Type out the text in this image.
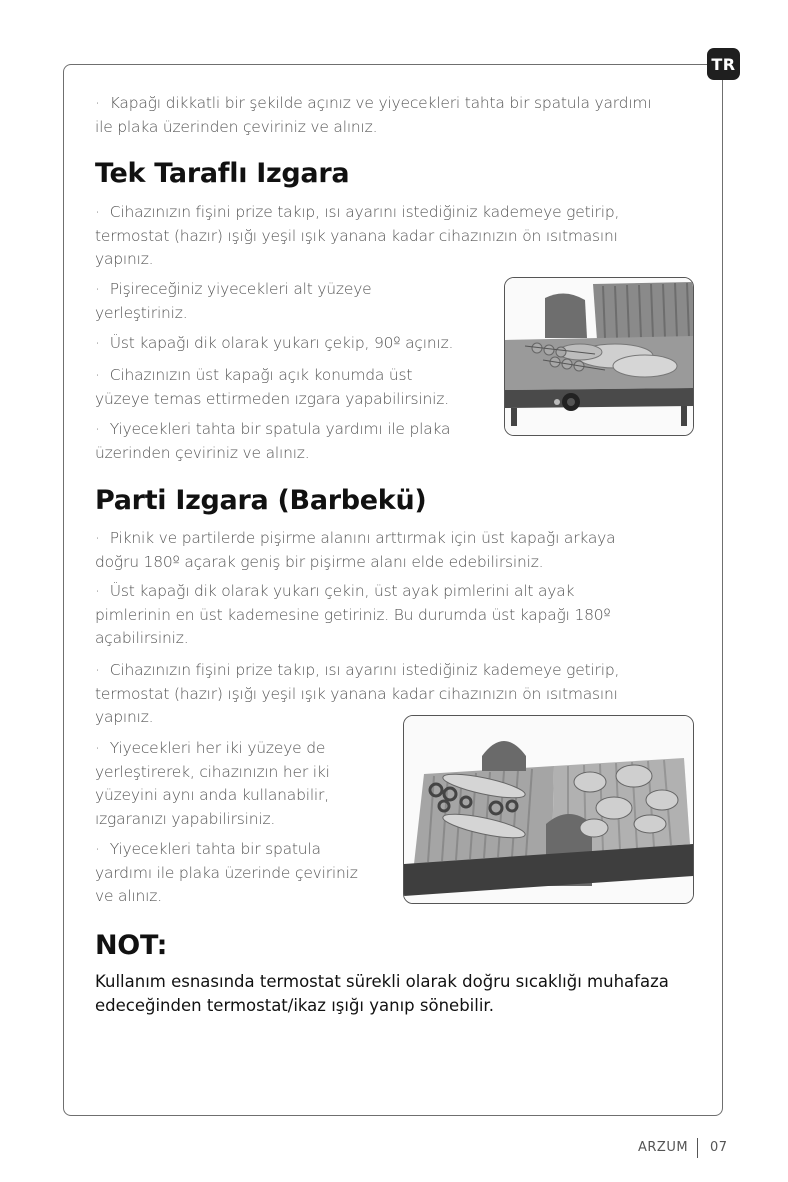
TR
· Kapağı dikkatli bir şekilde açınız ve yiyecekleri tahta bir spatula yardımı
ile plaka üzerinden çeviriniz ve alınız.
Tek Taraflı Izgara
· Cihazınızın fişini prize takıp, ısı ayarını istediğiniz kademeye getirip,
termostat (hazır) ışığı yeşil ışık yanana kadar cihazınızın ön ısıtmasını
yapınız.
· Pişireceğiniz yiyecekleri alt yüzeye
yerleştiriniz.
· Üst kapağı dik olarak yukarı çekip, 90º açınız.
· Cihazınızın üst kapağı açık konumda üst
yüzeye temas ettirmeden ızgara yapabilirsiniz.
· Yiyecekleri tahta bir spatula yardımı ile plaka
üzerinden çeviriniz ve alınız.
Parti Izgara (Barbekü)
· Piknik ve partilerde pişirme alanını arttırmak için üst kapağı arkaya
doğru 180º açarak geniş bir pişirme alanı elde edebilirsiniz.
· Üst kapağı dik olarak yukarı çekin, üst ayak pimlerini alt ayak
pimlerinin en üst kademesine getiriniz. Bu durumda üst kapağı 180º
açabilirsiniz.
· Cihazınızın fişini prize takıp, ısı ayarını istediğiniz kademeye getirip,
termostat (hazır) ışığı yeşil ışık yanana kadar cihazınızın ön ısıtmasını
yapınız.
· Yiyecekleri her iki yüzeye de
yerleştirerek, cihazınızın her iki
yüzeyini aynı anda kullanabilir,
ızgaranızı yapabilirsiniz.
· Yiyecekleri tahta bir spatula
yardımı ile plaka üzerinde çeviriniz
ve alınız.
NOT:
Kullanım esnasında termostat sürekli olarak doğru sıcaklığı muhafaza
edeceğinden termostat/ikaz ışığı yanıp sönebilir.
ARZUM 07
